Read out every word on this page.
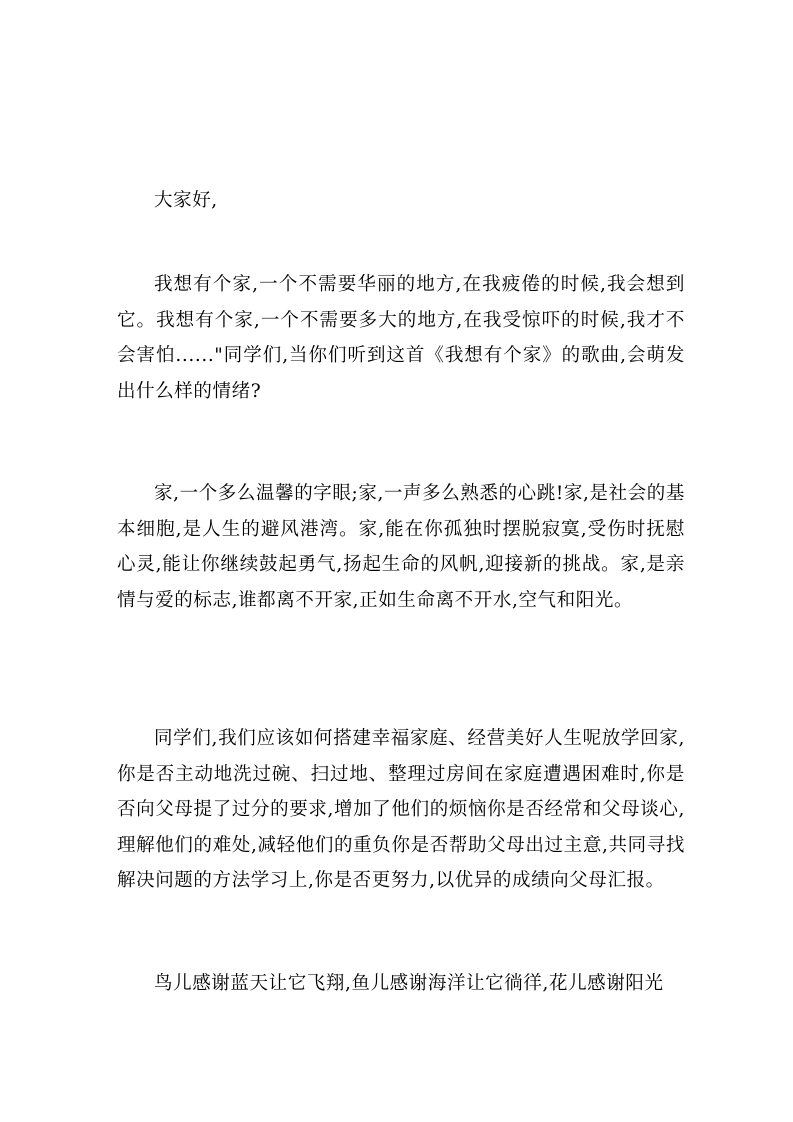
大家好,

我想有个家,一个不需要华丽的地方,在我疲倦的时候,我会想到它。我想有个家,一个不需要多大的地方,在我受惊吓的时候,我才不会害怕......"同学们,当你们听到这首《我想有个家》的歌曲,会萌发出什么样的情绪?

家,一个多么温馨的字眼;家,一声多么熟悉的心跳!家,是社会的基本细胞,是人生的避风港湾。家,能在你孤独时摆脱寂寞,受伤时抚慰心灵,能让你继续鼓起勇气,扬起生命的风帆,迎接新的挑战。家,是亲情与爱的标志,谁都离不开家,正如生命离不开水,空气和阳光。

同学们,我们应该如何搭建幸福家庭、经营美好人生呢放学回家,你是否主动地洗过碗、扫过地、整理过房间在家庭遭遇困难时,你是否向父母提了过分的要求,增加了他们的烦恼你是否经常和父母谈心,理解他们的难处,减轻他们的重负你是否帮助父母出过主意,共同寻找解决问题的方法学习上,你是否更努力,以优异的成绩向父母汇报。

鸟儿感谢蓝天让它飞翔,鱼儿感谢海洋让它徜徉,花儿感谢阳光
